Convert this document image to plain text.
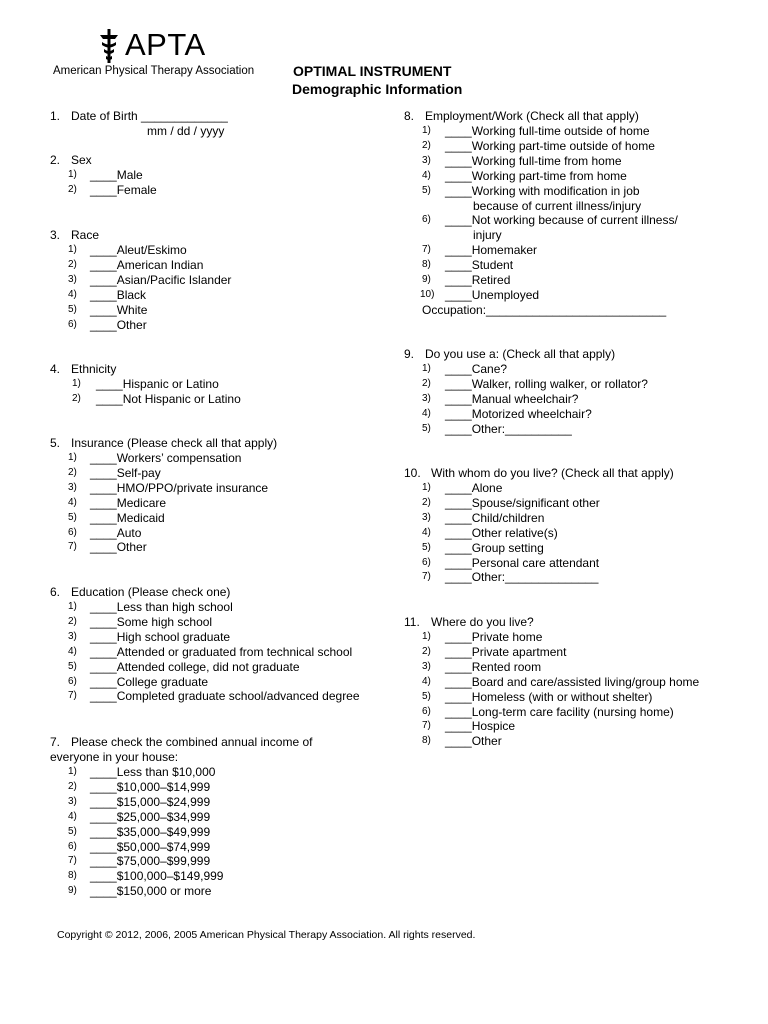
APTA
American Physical Therapy Association	OPTIMAL INSTRUMENT
Demographic Information
1. Date of Birth _____________
mm / dd / yyyy
2. Sex
1) ____Male
2) ____Female
3. Race
1) ____Aleut/Eskimo
2) ____American Indian
3) ____Asian/Pacific Islander
4) ____Black
5) ____White
6) ____Other
4. Ethnicity
1) ____Hispanic or Latino
2) ____Not Hispanic or Latino
5. Insurance (Please check all that apply)
1) ____Workers’ compensation
2) ____Self-pay
3) ____HMO/PPO/private insurance
4) ____Medicare
5) ____Medicaid
6) ____Auto
7) ____Other
6. Education (Please check one)
1) ____Less than high school
2) ____Some high school
3) ____High school graduate
4) ____Attended or graduated from technical school
5) ____Attended college, did not graduate
6) ____College graduate
7) ____Completed graduate school/advanced degree
7. Please check the combined annual income of everyone in your house:
1) ____Less than $10,000
2) ____$10,000–$14,999
3) ____$15,000–$24,999
4) ____$25,000–$34,999
5) ____$35,000–$49,999
6) ____$50,000–$74,999
7) ____$75,000–$99,999
8) ____$100,000–$149,999
9) ____$150,000 or more
8. Employment/Work (Check all that apply)
1) ____Working full-time outside of home
2) ____Working part-time outside of home
3) ____Working full-time from home
4) ____Working part-time from home
5) ____Working with modification in job
because of current illness/injury
6) ____Not working because of current illness/
injury
7) ____Homemaker
8) ____Student
9) ____Retired
10) ____Unemployed
Occupation:___________________________
9. Do you use a: (Check all that apply)
1) ____Cane?
2) ____Walker, rolling walker, or rollator?
3) ____Manual wheelchair?
4) ____Motorized wheelchair?
5) ____Other:__________
10. With whom do you live? (Check all that apply)
1) ____Alone
2) ____Spouse/significant other
3) ____Child/children
4) ____Other relative(s)
5) ____Group setting
6) ____Personal care attendant
7) ____Other:______________
11. Where do you live?
1) ____Private home
2) ____Private apartment
3) ____Rented room
4) ____Board and care/assisted living/group home
5) ____Homeless (with or without shelter)
6) ____Long-term care facility (nursing home)
7) ____Hospice
8) ____Other
Copyright © 2012, 2006, 2005 American Physical Therapy Association. All rights reserved.
